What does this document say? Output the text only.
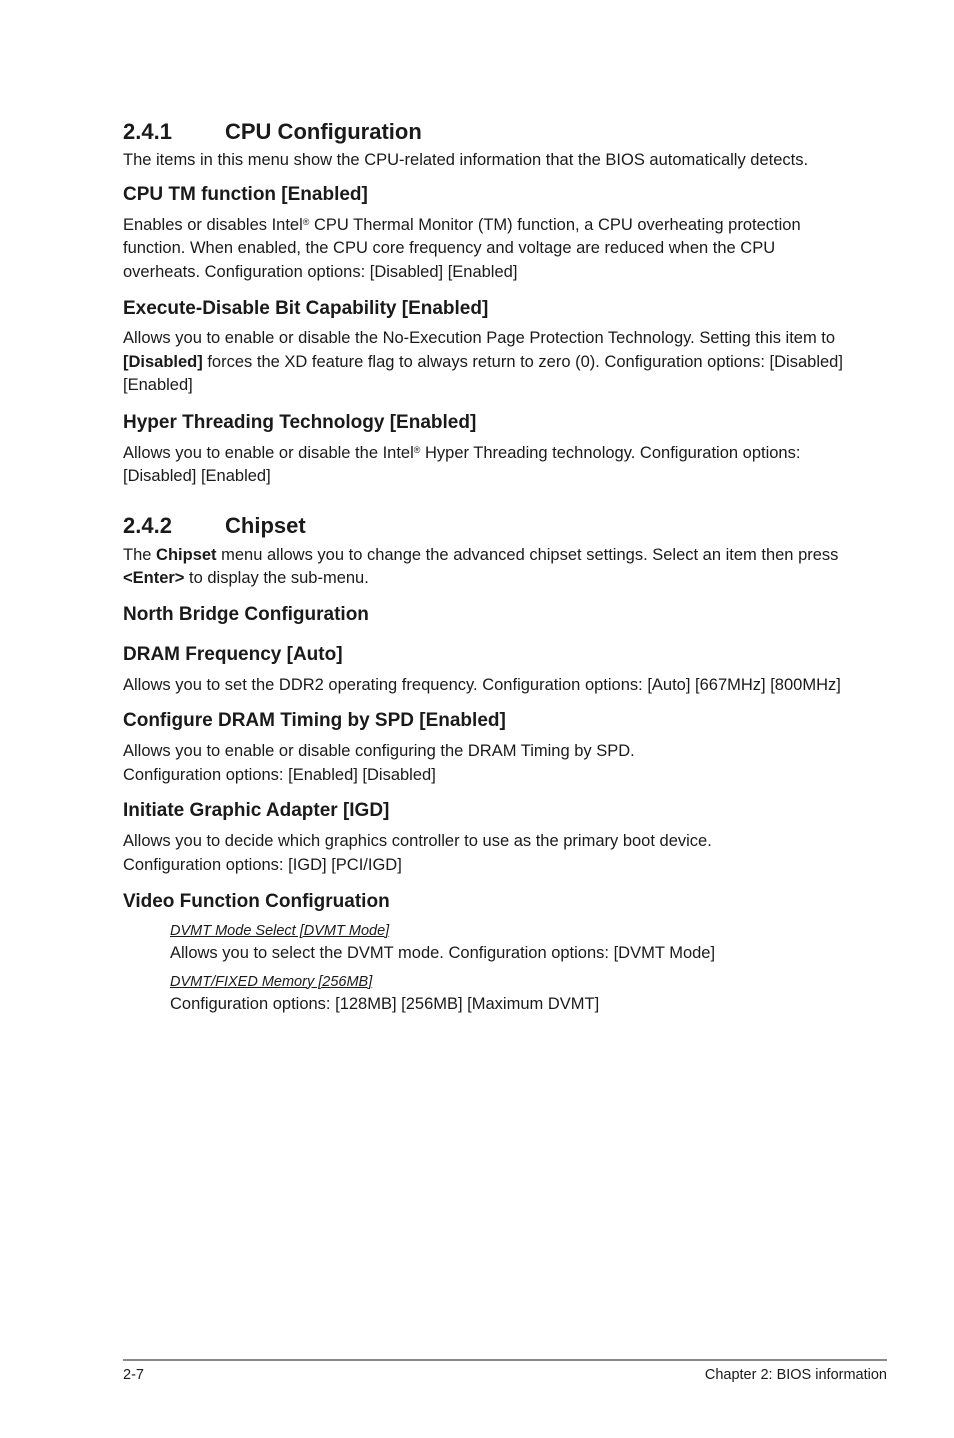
2.4.1	CPU Configuration

The items in this menu show the CPU-related information that the BIOS automatically detects.

CPU TM function [Enabled]

Enables or disables Intel® CPU Thermal Monitor (TM) function, a CPU overheating protection function. When enabled, the CPU core frequency and voltage are reduced when the CPU overheats. Configuration options: [Disabled] [Enabled]

Execute-Disable Bit Capability [Enabled]

Allows you to enable or disable the No-Execution Page Protection Technology. Setting this item to [Disabled] forces the XD feature flag to always return to zero (0). Configuration options: [Disabled] [Enabled]

Hyper Threading Technology [Enabled]

Allows you to enable or disable the Intel® Hyper Threading technology. Configuration options: [Disabled] [Enabled]

2.4.2	Chipset

The Chipset menu allows you to change the advanced chipset settings. Select an item then press <Enter> to display the sub-menu.

North Bridge Configuration

DRAM Frequency [Auto]

Allows you to set the DDR2 operating frequency. Configuration options: [Auto] [667MHz] [800MHz]

Configure DRAM Timing by SPD [Enabled]

Allows you to enable or disable configuring the DRAM Timing by SPD.

Configuration options: [Enabled] [Disabled]

Initiate Graphic Adapter [IGD]

Allows you to decide which graphics controller to use as the primary boot device.

Configuration options: [IGD] [PCI/IGD]

Video Function Configruation

DVMT Mode Select [DVMT Mode]

Allows you to select the DVMT mode. Configuration options: [DVMT Mode]

DVMT/FIXED Memory [256MB]

Configuration options: [128MB] [256MB] [Maximum DVMT]

2-7	Chapter 2: BIOS information
